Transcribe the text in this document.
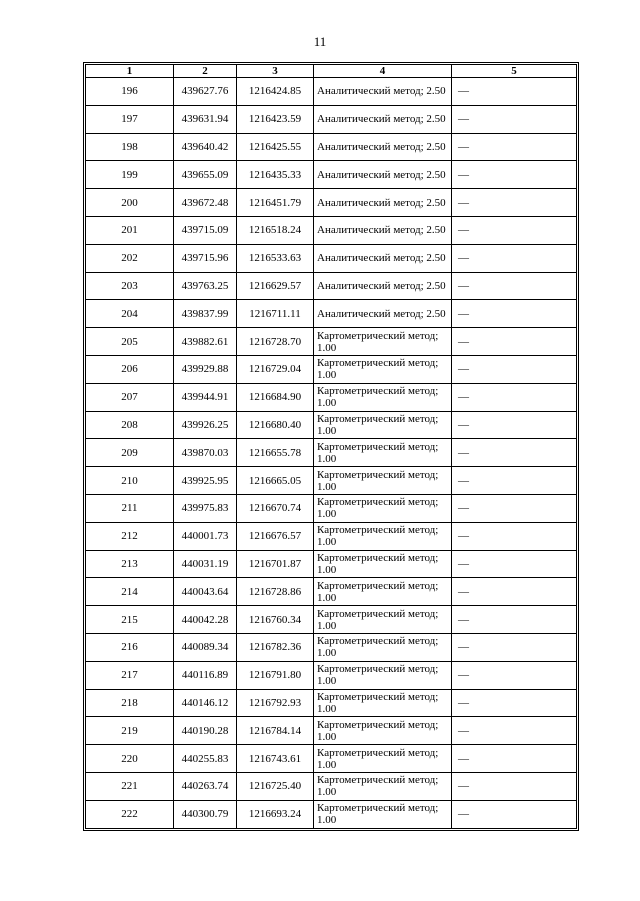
11
1	2	3	4	5
196	439627.76	1216424.85	Аналитический метод; 2.50	—
197	439631.94	1216423.59	Аналитический метод; 2.50	—
198	439640.42	1216425.55	Аналитический метод; 2.50	—
199	439655.09	1216435.33	Аналитический метод; 2.50	—
200	439672.48	1216451.79	Аналитический метод; 2.50	—
201	439715.09	1216518.24	Аналитический метод; 2.50	—
202	439715.96	1216533.63	Аналитический метод; 2.50	—
203	439763.25	1216629.57	Аналитический метод; 2.50	—
204	439837.99	1216711.11	Аналитический метод; 2.50	—
205	439882.61	1216728.70	Картометрический метод; 1.00	—
206	439929.88	1216729.04	Картометрический метод; 1.00	—
207	439944.91	1216684.90	Картометрический метод; 1.00	—
208	439926.25	1216680.40	Картометрический метод; 1.00	—
209	439870.03	1216655.78	Картометрический метод; 1.00	—
210	439925.95	1216665.05	Картометрический метод; 1.00	—
211	439975.83	1216670.74	Картометрический метод; 1.00	—
212	440001.73	1216676.57	Картометрический метод; 1.00	—
213	440031.19	1216701.87	Картометрический метод; 1.00	—
214	440043.64	1216728.86	Картометрический метод; 1.00	—
215	440042.28	1216760.34	Картометрический метод; 1.00	—
216	440089.34	1216782.36	Картометрический метод; 1.00	—
217	440116.89	1216791.80	Картометрический метод; 1.00	—
218	440146.12	1216792.93	Картометрический метод; 1.00	—
219	440190.28	1216784.14	Картометрический метод; 1.00	—
220	440255.83	1216743.61	Картометрический метод; 1.00	—
221	440263.74	1216725.40	Картометрический метод; 1.00	—
222	440300.79	1216693.24	Картометрический метод; 1.00	—
